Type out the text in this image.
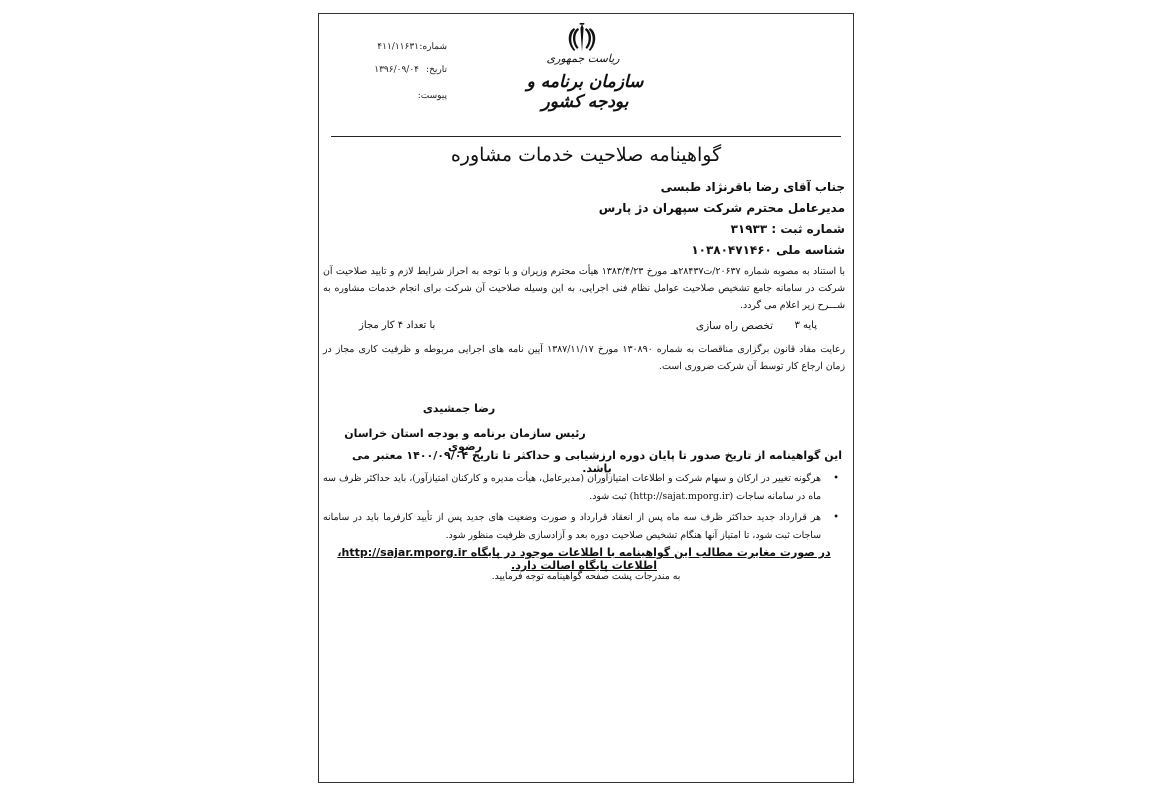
شماره:
۴۱۱/۱۱۶۳۱
تاریخ:
۱۳۹۶/۰۹/۰۴
پیوست:
ریاست جمهوری
سازمان برنامه و بودجه کشور
گواهینامه صلاحیت خدمات مشاوره
جناب آقای رضا باقرنژاد طبسی
مدیرعامل محترم شرکت سپهران دژ پارس
شماره ثبت : ۳۱۹۳۳
شناسه ملی ۱۰۳۸۰۴۷۱۴۶۰
با استناد به مصوبه شماره ۲۰۶۳۷/ت۲۸۴۳۷هـ مورخ ۱۳۸۳/۴/۲۳ هیأت محترم وزیران و با توجه به احراز شرایط لازم و تایید صلاحیت آن شرکت در سامانه جامع تشخیص صلاحیت عوامل نظام فنی اجرایی، به این وسیله صلاحیت آن شرکت برای انجام خدمات مشاوره به شـــرح زیر اعلام می گردد.
پایه ۳
تخصص راه سازی
با تعداد ۴ کار مجاز
رعایت مفاد قانون برگزاری مناقصات به شماره ۱۳۰۸۹۰ مورخ ۱۳۸۷/۱۱/۱۷ آیین نامه های اجرایی مربوطه و ظرفیت کاری مجاز در زمان ارجاع کار توسط آن شرکت ضروری است.
رضا جمشیدی
رئیس سازمان برنامه و بودجه استان خراسان رضوی
این گواهینامه از تاریخ صدور تا پایان دوره ارزشیابی و حداکثر تا تاریخ ۱۴۰۰/۰۹/۰۴ معتبر می باشد.
•
هرگونه تغییر در ارکان و سهام شرکت و اطلاعات امتیازآوران (مدیرعامل، هیأت مدیره و کارکنان امتیازآور)، باید حداکثر ظرف سه ماه در سامانه ساجات (http://sajat.mporg.ir) ثبت شود.
•
هر قرارداد جدید حداکثر ظرف سه ماه پس از انعقاد قرارداد و صورت وضعیت های جدید پس از تأیید کارفرما باید در سامانه ساجات ثبت شود، تا امتیاز آنها هنگام تشخیص صلاحیت دوره بعد و آزادسازی ظرفیت منظور شود.
در صورت مغایرت مطالب این گواهینامه با اطلاعات موجود در پایگاه http://sajar.mporg.ir، اطلاعات پایگاه اصالت دارد.
به مندرجات پشت صفحه گواهینامه توجه فرمایید.
